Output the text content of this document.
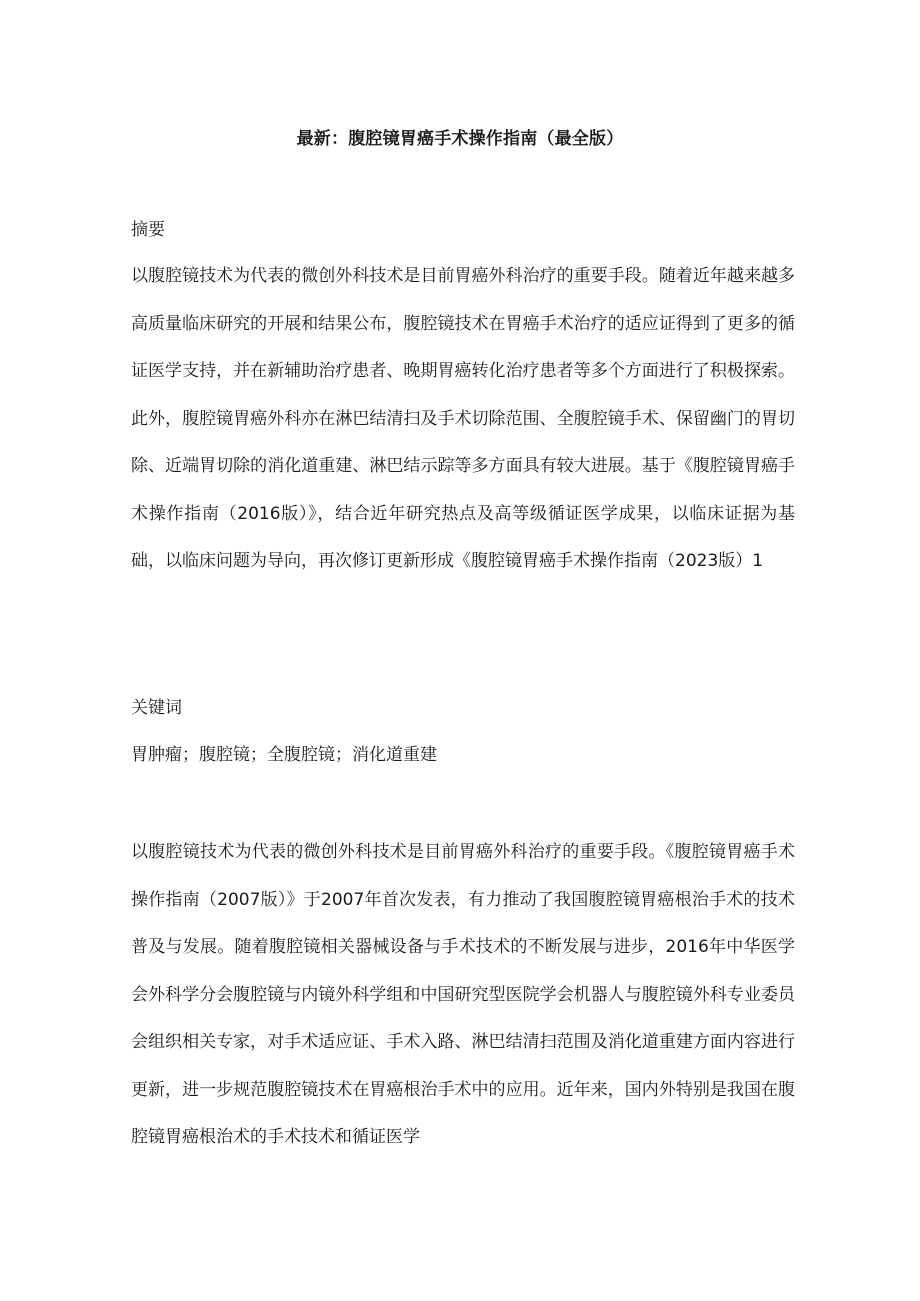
最新：腹腔镜胃癌手术操作指南（最全版）
摘要

以腹腔镜技术为代表的微创外科技术是目前胃癌外科治疗的重要手段。随着近年越来越多高质量临床研究的开展和结果公布，腹腔镜技术在胃癌手术治疗的适应证得到了更多的循证医学支持，并在新辅助治疗患者、晚期胃癌转化治疗患者等多个方面进行了积极探索。此外，腹腔镜胃癌外科亦在淋巴结清扫及手术切除范围、全腹腔镜手术、保留幽门的胃切除、近端胃切除的消化道重建、淋巴结示踪等多方面具有较大进展。基于《腹腔镜胃癌手术操作指南（2016版）》，结合近年研究热点及高等级循证医学成果，以临床证据为基础，以临床问题为导向，再次修订更新形成《腹腔镜胃癌手术操作指南（2023版）1

关键词
胃肿瘤；腹腔镜；全腹腔镜；消化道重建

以腹腔镜技术为代表的微创外科技术是目前胃癌外科治疗的重要手段。《腹腔镜胃癌手术操作指南（2007版）》于2007年首次发表，有力推动了我国腹腔镜胃癌根治手术的技术普及与发展。随着腹腔镜相关器械设备与手术技术的不断发展与进步，2016年中华医学会外科学分会腹腔镜与内镜外科学组和中国研究型医院学会机器人与腹腔镜外科专业委员会组织相关专家，对手术适应证、手术入路、淋巴结清扫范围及消化道重建方面内容进行更新，进一步规范腹腔镜技术在胃癌根治手术中的应用。近年来，国内外特别是我国在腹腔镜胃癌根治术的手术技术和循证医学
